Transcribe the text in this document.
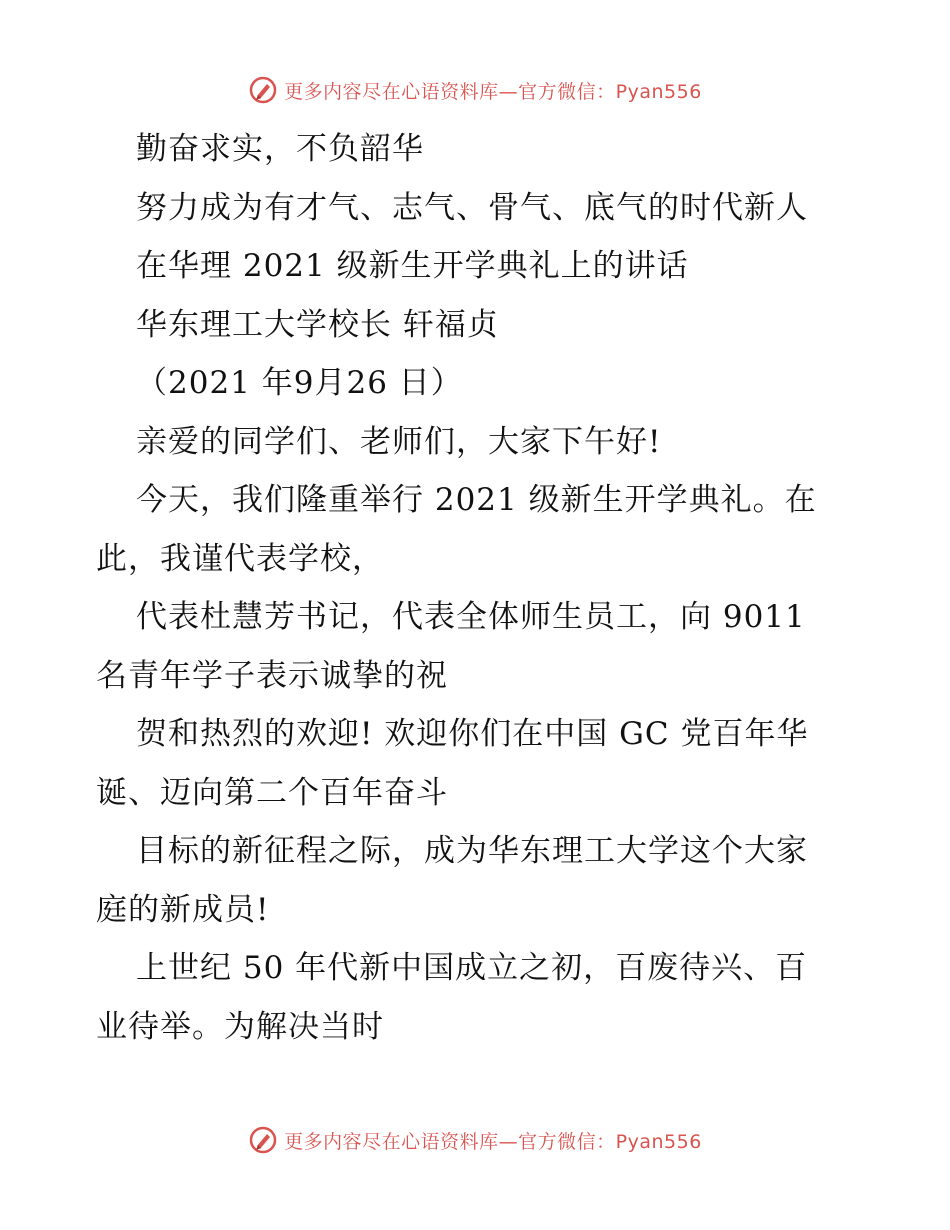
更多内容尽在心语资料库—官方微信：Pyan556
勤奋求实，不负韶华
努力成为有才气、志气、骨气、底气的时代新人
在华理 2021 级新生开学典礼上的讲话
华东理工大学校长 轩福贞
（2021 年9月26 日）
亲爱的同学们、老师们，大家下午好!
今天，我们隆重举行 2021 级新生开学典礼。在
此，我谨代表学校，
代表杜慧芳书记，代表全体师生员工，向 9011
名青年学子表示诚挚的祝
贺和热烈的欢迎! 欢迎你们在中国 GC 党百年华
诞、迈向第二个百年奋斗
目标的新征程之际，成为华东理工大学这个大家
庭的新成员!
上世纪 50 年代新中国成立之初，百废待兴、百
业待举。为解决当时
更多内容尽在心语资料库—官方微信：Pyan556
